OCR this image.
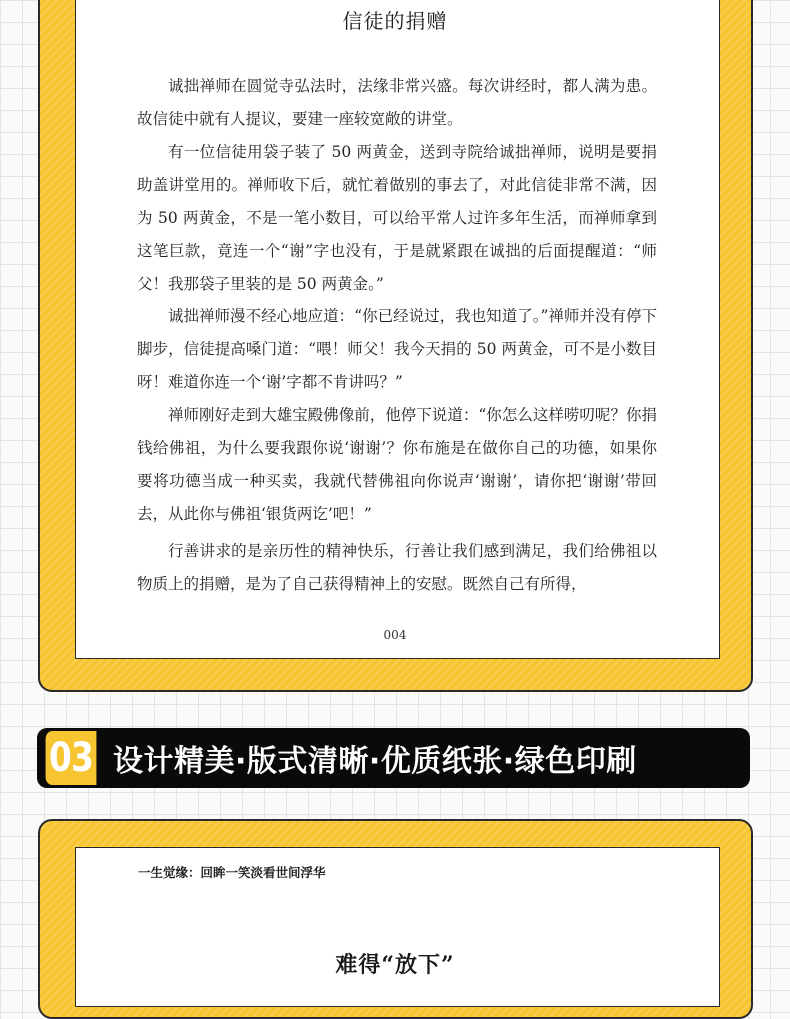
信徒的捐赠

诚拙禅师在圆觉寺弘法时，法缘非常兴盛。每次讲经时，都人满为患。故信徒中就有人提议，要建一座较宽敞的讲堂。

有一位信徒用袋子装了 50 两黄金，送到寺院给诚拙禅师，说明是要捐助盖讲堂用的。禅师收下后，就忙着做别的事去了，对此信徒非常不满，因为 50 两黄金，不是一笔小数目，可以给平常人过许多年生活，而禅师拿到这笔巨款，竟连一个“谢”字也没有，于是就紧跟在诚拙的后面提醒道：“师父！我那袋子里装的是 50 两黄金。”

诚拙禅师漫不经心地应道：“你已经说过，我也知道了。”禅师并没有停下脚步，信徒提高嗓门道：“喂！师父！我今天捐的 50 两黄金，可不是小数目呀！难道你连一个‘谢’字都不肯讲吗？”

禅师刚好走到大雄宝殿佛像前，他停下说道：“你怎么这样唠叨呢？你捐钱给佛祖，为什么要我跟你说‘谢谢’？你布施是在做你自己的功德，如果你要将功德当成一种买卖，我就代替佛祖向你说声‘谢谢’，请你把‘谢谢’带回去，从此你与佛祖‘银货两讫’吧！”

行善讲求的是亲历性的精神快乐，行善让我们感到满足，我们给佛祖以物质上的捐赠，是为了自己获得精神上的安慰。既然自己有所得，

004
03 设计精美·版式清晰·优质纸张·绿色印刷
一生觉缘：回眸一笑淡看世间浮华
难得“放下”
